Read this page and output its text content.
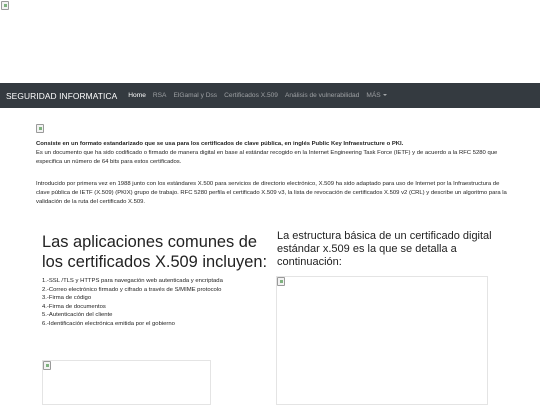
SEGURIDAD INFORMATICA Home RSA ElGamal y Dss Certificados X.509 Análisis de vulnerabilidad MÁS

Consiste en un formato estandarizado que se usa para los certificados de clave pública, en inglés Public Key Infraestructure o PKI.
Es un documento que ha sido codificado o firmado de manera digital en base al estándar recogido en la Internet Engineering Task Force (IETF) y de acuerdo a la RFC 5280 que especifica un número de 64 bits para estos certificados.

Introducido por primera vez en 1988 junto con los estándares X.500 para servicios de directorio electrónico, X.509 ha sido adaptado para uso de Internet por la Infraestructura de clave pública de IETF (X.509) (PKIX) grupo de trabajo. RFC 5280 perfila el certificado X.509 v3, la lista de revocación de certificados X.509 v2 (CRL) y describe un algoritmo para la validación de la ruta del certificado X.509.

Las aplicaciones comunes de los certificados X.509 incluyen:
1.-SSL /TLS y HTTPS para navegación web autenticada y encriptada
2.-Correo electrónico firmado y cifrado a través de S/MIME protocolo
3.-Firma de código
4.-Firma de documentos
5.-Autenticación del cliente
6.-Identificación electrónica emitida por el gobierno
La estructura básica de un certificado digital estándar x.509 es la que se detalla a continuación:
